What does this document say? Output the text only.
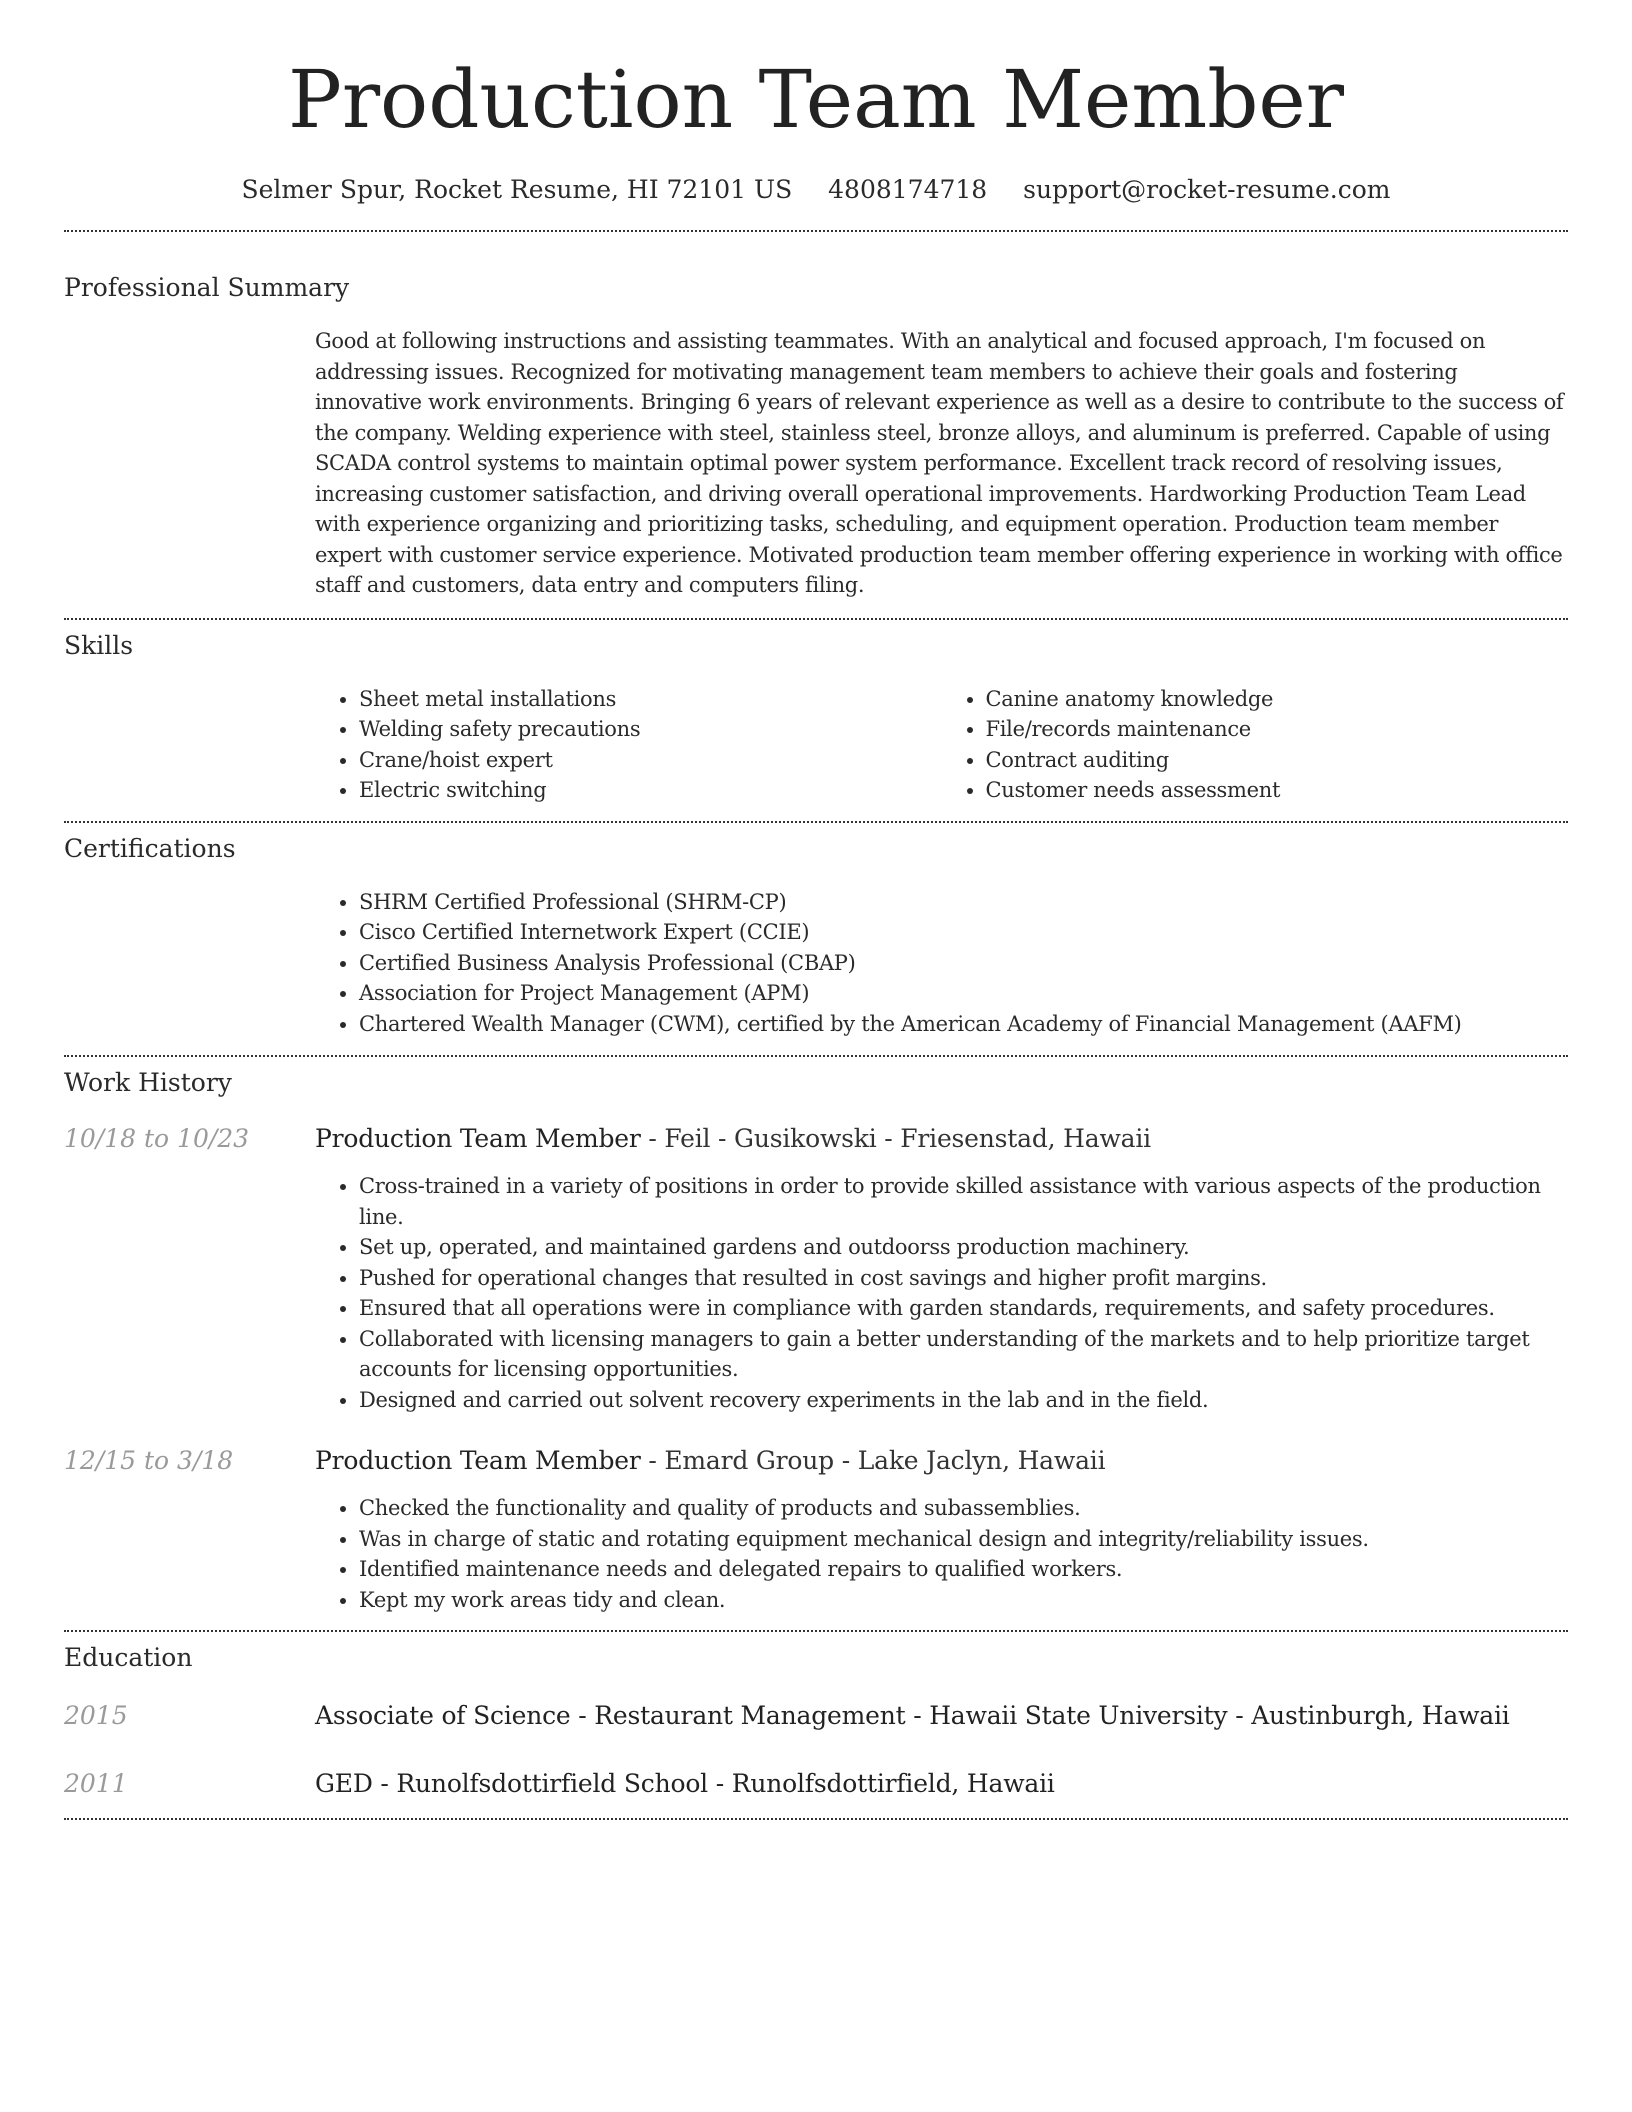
Production Team Member
Selmer Spur, Rocket Resume, HI 72101 US 4808174718 support@rocket-resume.com
Professional Summary

Good at following instructions and assisting teammates. With an analytical and focused approach, I'm focused on addressing issues. Recognized for motivating management team members to achieve their goals and fostering innovative work environments. Bringing 6 years of relevant experience as well as a desire to contribute to the success of the company. Welding experience with steel, stainless steel, bronze alloys, and aluminum is preferred. Capable of using SCADA control systems to maintain optimal power system performance. Excellent track record of resolving issues, increasing customer satisfaction, and driving overall operational improvements. Hardworking Production Team Lead with experience organizing and prioritizing tasks, scheduling, and equipment operation. Production team member expert with customer service experience. Motivated production team member offering experience in working with office staff and customers, data entry and computers filing.

Skills
• Sheet metal installations
• Welding safety precautions
• Crane/hoist expert
• Electric switching
• Canine anatomy knowledge
• File/records maintenance
• Contract auditing
• Customer needs assessment
Certifications
• SHRM Certified Professional (SHRM-CP)
• Cisco Certified Internetwork Expert (CCIE)
• Certified Business Analysis Professional (CBAP)
• Association for Project Management (APM)
• Chartered Wealth Manager (CWM), certified by the American Academy of Financial Management (AAFM)
Work History
10/18 to 10/23	Production Team Member - Feil - Gusikowski - Friesenstad, Hawaii
• Cross-trained in a variety of positions in order to provide skilled assistance with various aspects of the production line.
• Set up, operated, and maintained gardens and outdoorss production machinery.
• Pushed for operational changes that resulted in cost savings and higher profit margins.
• Ensured that all operations were in compliance with garden standards, requirements, and safety procedures.
• Collaborated with licensing managers to gain a better understanding of the markets and to help prioritize target accounts for licensing opportunities.
• Designed and carried out solvent recovery experiments in the lab and in the field.
12/15 to 3/18	Production Team Member - Emard Group - Lake Jaclyn, Hawaii
• Checked the functionality and quality of products and subassemblies.
• Was in charge of static and rotating equipment mechanical design and integrity/reliability issues.
• Identified maintenance needs and delegated repairs to qualified workers.
• Kept my work areas tidy and clean.
Education
2015	Associate of Science - Restaurant Management - Hawaii State University - Austinburgh, Hawaii
2011	GED - Runolfsdottirfield School - Runolfsdottirfield, Hawaii
